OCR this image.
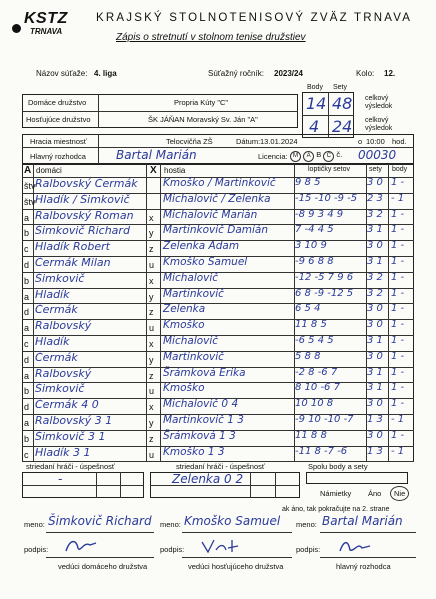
KSTZ
TRNAVA
KRAJSKÝ STOLNOTENISOVÝ ZVÄZ TRNAVA
Zápis o stretnutí v stolnom tenise družstiev
Názov súťaže: 4. liga	Súťažný ročník: 2023/24	Kolo: 12.
Domáce družstvo
Hosťujúce družstvo
Propria Kúty "C"
ŠK JÁŇAN Moravský Sv. Ján "A"
Body Sety
14 48
4 24
celkový výsledok
celkový výsledok
Hracia miestnosť	Telocvičňa ZŠ	Dátum: 13.01.2024	o 10:00 hod.
Hlavný rozhodca	Bartal Marián	Licencia: M A B C č. 00030
A domáci	X hostia	loptičky setov	sety body
štv Ralbovský Čermák	Kmoško / Martinkovič	9 8 5	3 0 1 -
štv Hladík / Šimkovič	Michalovič / Zelenka	-15 -10 -9 -5 2 3 - 1
a Ralbovský Roman	x Michalovič Marián	-8 9 3 4 9	3 2 1 -
b Šimkovič Richard	y Martinkovič Damián	7 -4 4 5	3 1 1 -
c Hladík Robert	z Zelenka Adam	3 10 9	3 0 1 -
d Čermák Milan	u Kmoško Samuel	-9 6 8 8	3 1 1 -
b Šimkovič	x Michalovič	-12 -5 7 9 6	3 2 1 -
a Hladík	y Martinkovič	6 8 -9 -12 5	3 2 1 -
d Čermák	z Zelenka	6 5 4	3 0 1 -
a Ralbovský	u Kmoško	11 8 5	3 0 1 -
c Hladík	x Michalovič	-6 5 4 5	3 1 1 -
d Čermák	y Martinkovič	5 8 8	3 0 1 -
a Ralbovský	z Šrámková Erika	-2 8 -6 7	3 1 1 -
b Šimkovič	u Kmoško	8 10 -6 7	3 1 1 -
d Čermák 4 0	x Michalovič 0 4	10 10 8	3 0 1 -
a Ralbovský 3 1	y Martinkovič 1 3	-9 10 -10 -7	1 3 - 1
b Šimkovič 3 1	z Šrámková 1 3	11 8 8	3 0 1 -
c Hladík 3 1	u Kmoško 1 3	-11 8 -7 -6	1 3 - 1
striedaní hráči - úspešnosť	striedaní hráči - úspešnosť	Spolu body a sety
-	Zelenka 0 2
Námietky Áno	Nie
ak áno, tak pokračujte na 2. strane
meno: Šimkovič Richard meno: Kmoško Samuel meno: Bartal Marián
podpis:	podpis:	podpis:
vedúci domáceho družstva	vedúci hosťujúceho družstva	hlavný rozhodca
